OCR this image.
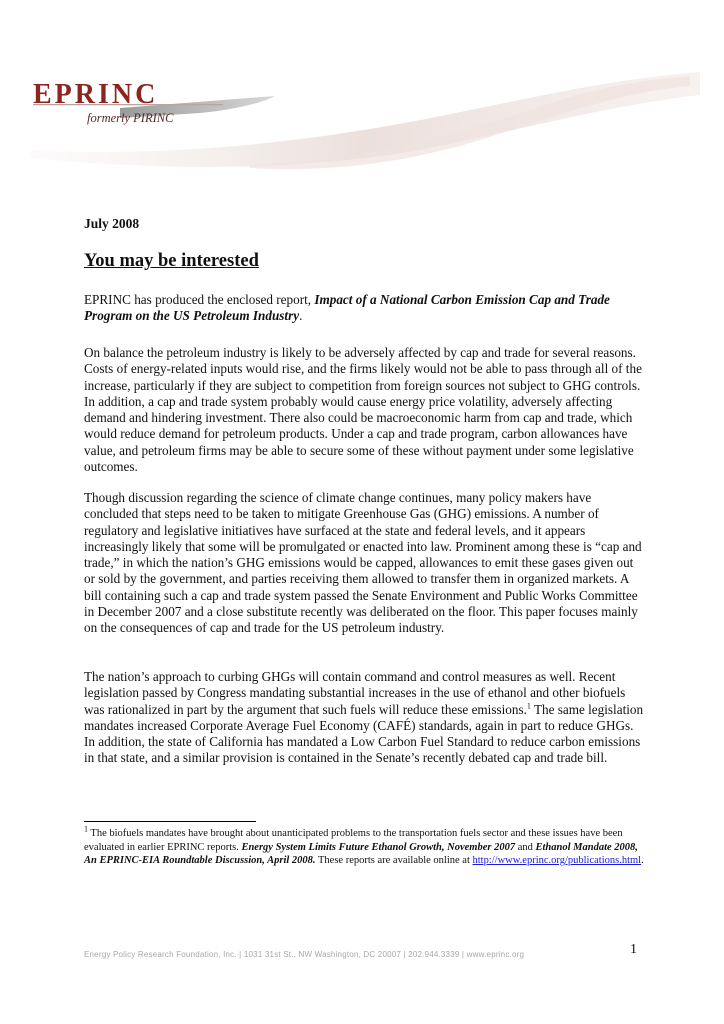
EPRINC
formerly PIRINC
July 2008
You may be interested

EPRINC has produced the enclosed report, Impact of a National Carbon Emission Cap and Trade Program on the US Petroleum Industry.

On balance the petroleum industry is likely to be adversely affected by cap and trade for several reasons. Costs of energy-related inputs would rise, and the firms likely would not be able to pass through all of the increase, particularly if they are subject to competition from foreign sources not subject to GHG controls. In addition, a cap and trade system probably would cause energy price volatility, adversely affecting demand and hindering investment. There also could be macroeconomic harm from cap and trade, which would reduce demand for petroleum products. Under a cap and trade program, carbon allowances have value, and petroleum firms may be able to secure some of these without payment under some legislative outcomes.

Though discussion regarding the science of climate change continues, many policy makers have concluded that steps need to be taken to mitigate Greenhouse Gas (GHG) emissions. A number of regulatory and legislative initiatives have surfaced at the state and federal levels, and it appears increasingly likely that some will be promulgated or enacted into law. Prominent among these is “cap and trade,” in which the nation’s GHG emissions would be capped, allowances to emit these gases given out or sold by the government, and parties receiving them allowed to transfer them in organized markets. A bill containing such a cap and trade system passed the Senate Environment and Public Works Committee in December 2007 and a close substitute recently was deliberated on the floor. This paper focuses mainly on the consequences of cap and trade for the US petroleum industry.

The nation’s approach to curbing GHGs will contain command and control measures as well. Recent legislation passed by Congress mandating substantial increases in the use of ethanol and other biofuels was rationalized in part by the argument that such fuels will reduce these emissions.$^1$ The same legislation mandates increased Corporate Average Fuel Economy (CAFÉ) standards, again in part to reduce GHGs. In addition, the state of California has mandated a Low Carbon Fuel Standard to reduce carbon emissions in that state, and a similar provision is contained in the Senate’s recently debated cap and trade bill.

$^1$ The biofuels mandates have brought about unanticipated problems to the transportation fuels sector and these issues have been evaluated in earlier EPRINC reports. Energy System Limits Future Ethanol Growth, November 2007 and Ethanol Mandate 2008, An EPRINC-EIA Roundtable Discussion, April 2008. These reports are available online at http://www.eprinc.org/publications.html.
Energy Policy Research Foundation, Inc. | 1031 31st St., NW Washington, DC 20007 | 202.944.3339 | www.eprinc.org	1
